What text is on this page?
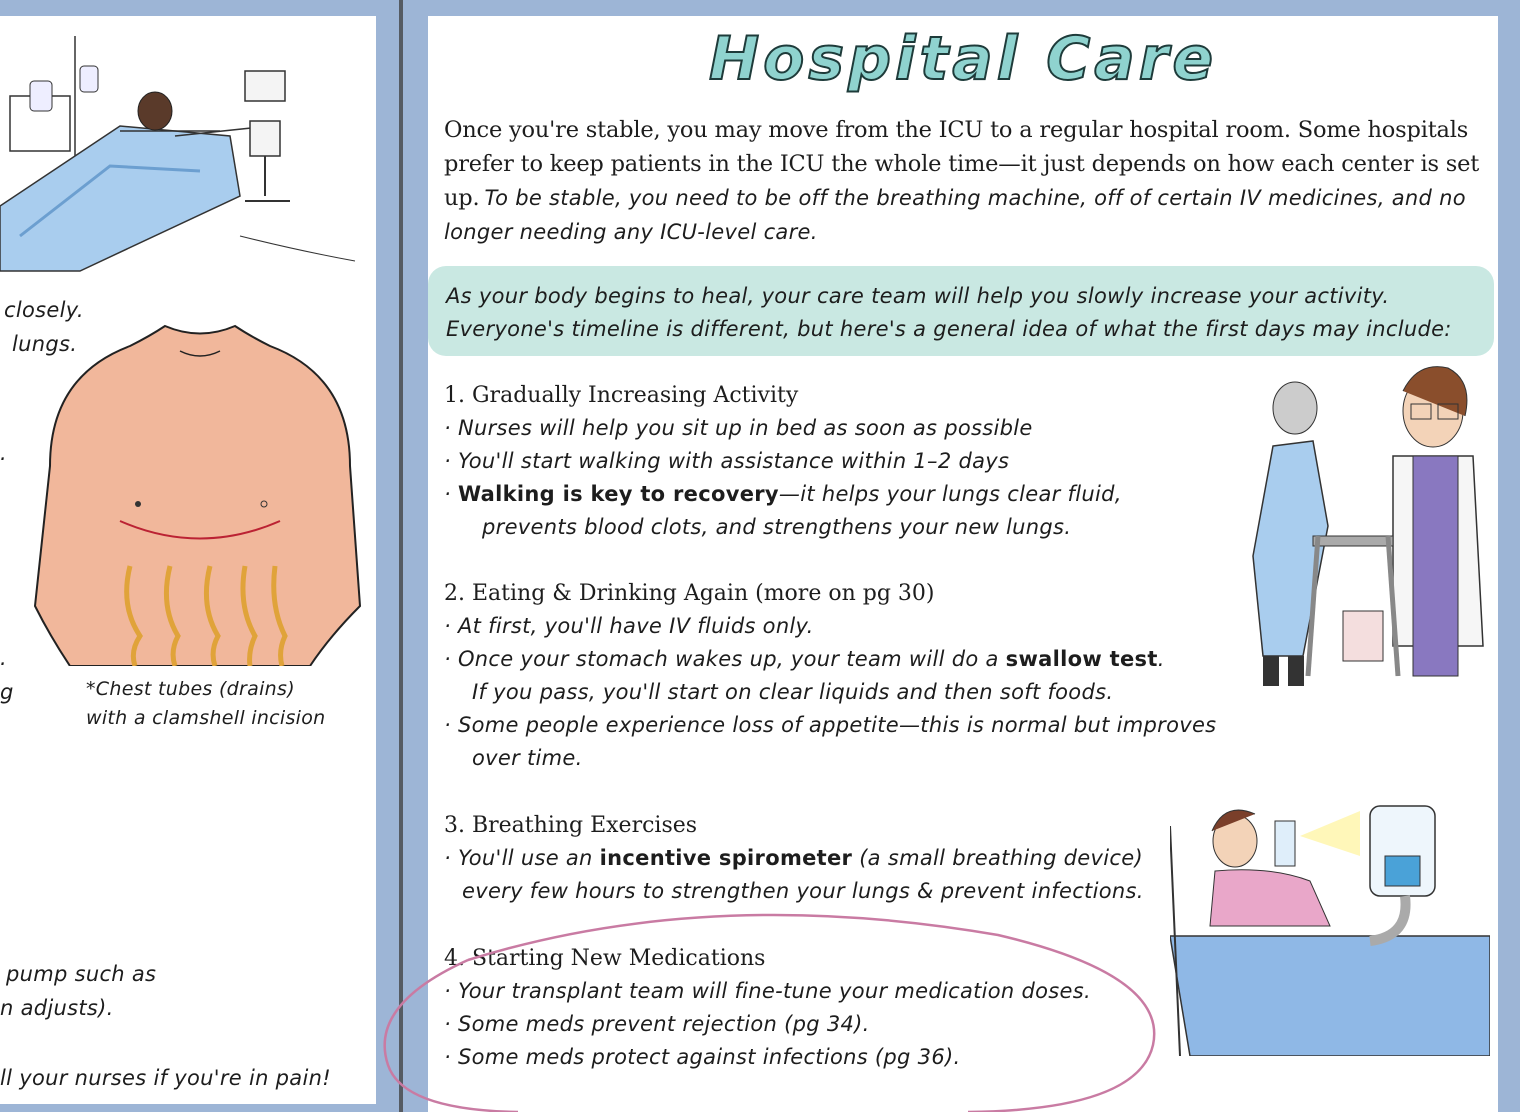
closely.
lungs.
.
.
g	*Chest tubes (drains)
with a clamshell incision
pump such as
n adjusts).
ll your nurses if you're in pain!
Hospital Care
Once you're stable, you may move from the ICU to a regular hospital room. Some hospitals prefer to keep patients in the ICU the whole time—it just depends on how each center is set up. To be stable, you need to be off the breathing machine, off of certain IV medicines, and no longer needing any ICU-level care.

As your body begins to heal, your care team will help you slowly increase your activity.
Everyone's timeline is different, but here's a general idea of what the first days may include:

1. Gradually Increasing Activity
· Nurses will help you sit up in bed as soon as possible
· You'll start walking with assistance within 1–2 days
· Walking is key to recovery—it helps your lungs clear fluid,
prevents blood clots, and strengthens your new lungs.
2. Eating & Drinking Again (more on pg 30)
· At first, you'll have IV fluids only.
· Once your stomach wakes up, your team will do a swallow test.
If you pass, you'll start on clear liquids and then soft foods.
· Some people experience loss of appetite—this is normal but improves
over time.
3. Breathing Exercises
· You'll use an incentive spirometer (a small breathing device)
every few hours to strengthen your lungs & prevent infections.
4. Starting New Medications
· Your transplant team will fine-tune your medication doses.
· Some meds prevent rejection (pg 34).
· Some meds protect against infections (pg 36).
